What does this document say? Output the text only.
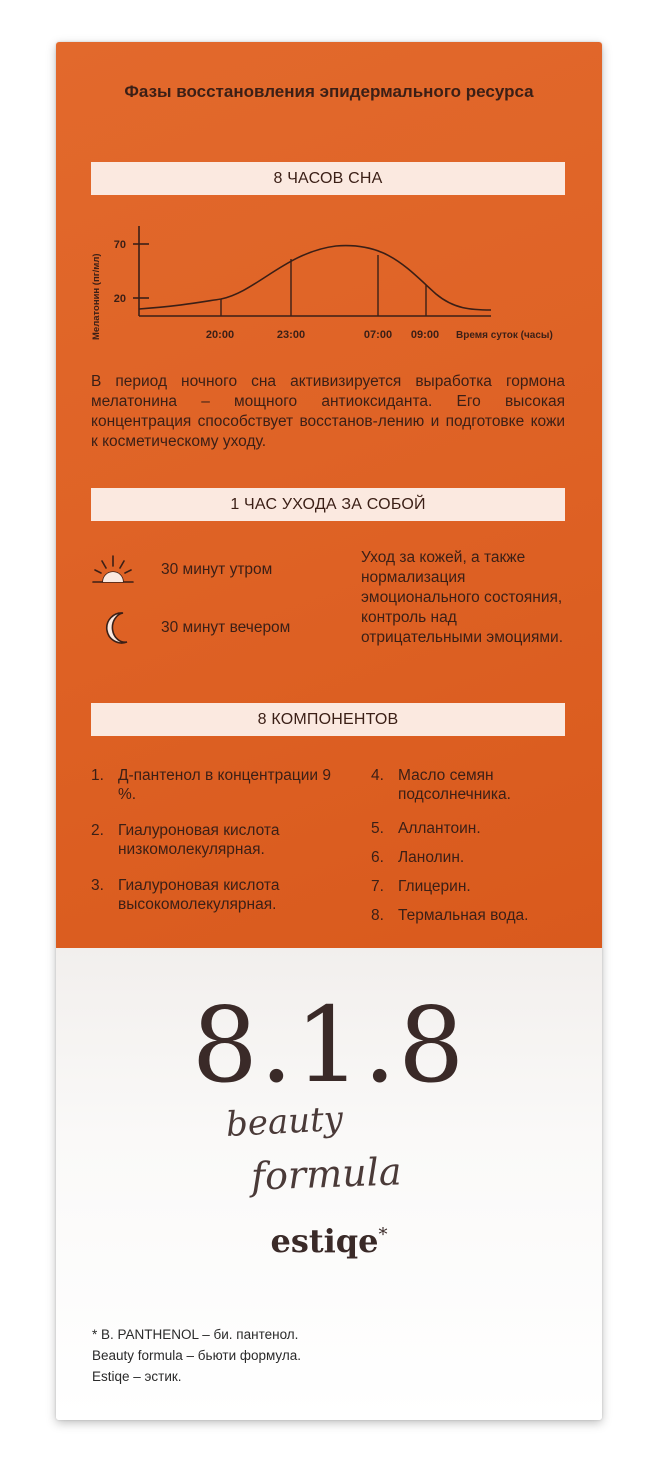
Фазы восстановления эпидермального ресурса
8 ЧАСОВ СНА
Мелатонин (пг/мл)
70
20
20:00	23:00	07:00 09:00 Время суток (часы)
В период ночного сна активизируется выработка гормона мелатонина – мощного антиоксиданта. Его высокая концентрация способствует восстанов-лению и подготовке кожи к косметическому уходу.
1 ЧАС УХОДА ЗА СОБОЙ
30 минут утром
30 минут вечером
Уход за кожей, а также нормализация эмоционального состояния, контроль над отрицательными эмоциями.
8 КОМПОНЕНТОВ
1. Д-пантенол в концентрации 9 %.
2. Гиалуроновая кислота низкомолекулярная.
3. Гиалуроновая кислота высокомолекулярная.
4. Масло семян подсолнечника.
5. Аллантоин.
6. Ланолин.
7. Глицерин.
8. Термальная вода.
8.1.8
beauty
formula
estiqe*
* B. PANTHENOL – би. пантенол.
Beauty formula – бьюти формула.
Estiqe – эстик.
